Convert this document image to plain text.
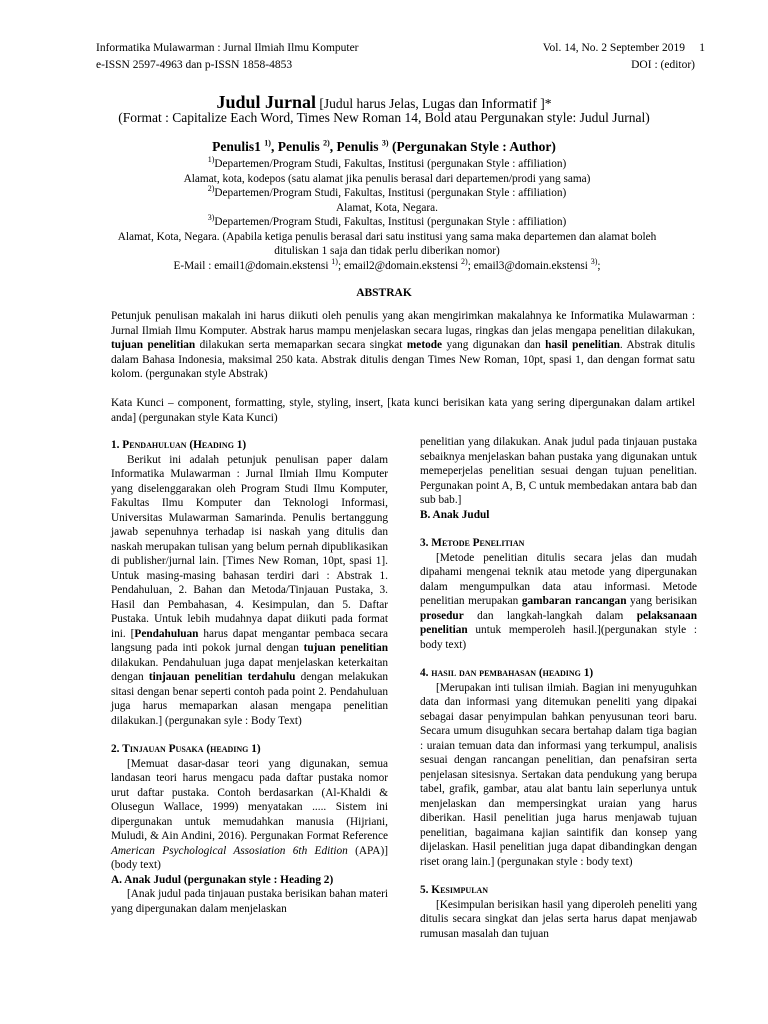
Informatika Mulawarman : Jurnal Ilmiah Ilmu Komputer	Vol. 14, No. 2 September 2019 1
e-ISSN 2597-4963 dan p-ISSN 1858-4853	DOI : (editor)
Judul Jurnal [Judul harus Jelas, Lugas dan Informatif ]*
(Format : Capitalize Each Word, Times New Roman 14, Bold atau Pergunakan style: Judul Jurnal)
Penulis1 $^{1)}$, Penulis $^{2)}$, Penulis $^{3)}$ (Pergunakan Style : Author)
$^{1)}$Departemen/Program Studi, Fakultas, Institusi (pergunakan Style : affiliation)
Alamat, kota, kodepos (satu alamat jika penulis berasal dari departemen/prodi yang sama)
$^{2)}$Departemen/Program Studi, Fakultas, Institusi (pergunakan Style : affiliation)
Alamat, Kota, Negara.
$^{3)}$Departemen/Program Studi, Fakultas, Institusi (pergunakan Style : affiliation)
Alamat, Kota, Negara. (Apabila ketiga penulis berasal dari satu institusi yang sama maka departemen dan alamat boleh dituliskan 1 saja dan tidak perlu diberikan nomor)
E-Mail : email1@domain.ekstensi $^{1)}$; email2@domain.ekstensi $^{2)}$; email3@domain.ekstensi $^{3)}$;
ABSTRAK
Petunjuk penulisan makalah ini harus diikuti oleh penulis yang akan mengirimkan makalahnya ke Informatika Mulawarman : Jurnal Ilmiah Ilmu Komputer. Abstrak harus mampu menjelaskan secara lugas, ringkas dan jelas mengapa penelitian dilakukan, tujuan penelitian dilakukan serta memaparkan secara singkat metode yang digunakan dan hasil penelitian. Abstrak ditulis dalam Bahasa Indonesia, maksimal 250 kata. Abstrak ditulis dengan Times New Roman, 10pt, spasi 1, dan dengan format satu kolom. (pergunakan style Abstrak)
Kata Kunci – component, formatting, style, styling, insert, [kata kunci berisikan kata yang sering dipergunakan dalam artikel anda] (pergunakan style Kata Kunci)

1. Pendahuluan (Heading 1)

Berikut ini adalah petunjuk penulisan paper dalam Informatika Mulawarman : Jurnal Ilmiah Ilmu Komputer yang diselenggarakan oleh Program Studi Ilmu Komputer, Fakultas Ilmu Komputer dan Teknologi Informasi, Universitas Mulawarman Samarinda. Penulis bertanggung jawab sepenuhnya terhadap isi naskah yang ditulis dan naskah merupakan tulisan yang belum pernah dipublikasikan di publisher/jurnal lain. [Times New Roman, 10pt, spasi 1]. Untuk masing-masing bahasan terdiri dari : Abstrak 1. Pendahuluan, 2. Bahan dan Metoda/Tinjauan Pustaka, 3. Hasil dan Pembahasan, 4. Kesimpulan, dan 5. Daftar Pustaka. Untuk lebih mudahnya dapat diikuti pada format ini. [Pendahuluan harus dapat mengantar pembaca secara langsung pada inti pokok jurnal dengan tujuan penelitian dilakukan. Pendahuluan juga dapat menjelaskan keterkaitan dengan tinjauan penelitian terdahulu dengan melakukan sitasi dengan benar seperti contoh pada point 2. Pendahuluan juga harus memaparkan alasan mengapa penelitian dilakukan.] (pergunakan syle : Body Text)

2. Tinjauan Pusaka (heading 1)

[Memuat dasar-dasar teori yang digunakan, semua landasan teori harus mengacu pada daftar pustaka nomor urut daftar pustaka. Contoh berdasarkan (Al-Khaldi & Olusegun Wallace, 1999) menyatakan ..... Sistem ini dipergunakan untuk memudahkan manusia (Hijriani, Muludi, & Ain Andini, 2016). Pergunakan Format Reference American Psychological Assosiation 6th Edition (APA)] (body text)

A. Anak Judul (pergunakan style : Heading 2)

[Anak judul pada tinjauan pustaka berisikan bahan materi yang dipergunakan dalam menjelaskan

penelitian yang dilakukan. Anak judul pada tinjauan pustaka sebaiknya menjelaskan bahan pustaka yang digunakan untuk memeperjelas penelitian sesuai dengan tujuan penelitian. Pergunakan point A, B, C untuk membedakan antara bab dan sub bab.]

B. Anak Judul

3. Metode Penelitian

[Metode penelitian ditulis secara jelas dan mudah dipahami mengenai teknik atau metode yang dipergunakan dalam mengumpulkan data atau informasi. Metode penelitian merupakan gambaran rancangan yang berisikan prosedur dan langkah-langkah dalam pelaksanaan penelitian untuk memperoleh hasil.](pergunakan style : body text)

4. hasil dan pembahasan (heading 1)

[Merupakan inti tulisan ilmiah. Bagian ini menyuguhkan data dan informasi yang ditemukan peneliti yang dipakai sebagai dasar penyimpulan bahkan penyusunan teori baru. Secara umum disuguhkan secara bertahap dalam tiga bagian : uraian temuan data dan informasi yang terkumpul, analisis sesuai dengan rancangan penelitian, dan penafsiran serta penjelasan sitesisnya. Sertakan data pendukung yang berupa tabel, grafik, gambar, atau alat bantu lain seperlunya untuk menjelaskan dan mempersingkat uraian yang harus diberikan. Hasil penelitian juga harus menjawab tujuan penelitian, bagaimana kajian saintifik dan konsep yang dijelaskan. Hasil penelitian juga dapat dibandingkan dengan riset orang lain.] (pergunakan style : body text)

5. Kesimpulan

[Kesimpulan berisikan hasil yang diperoleh peneliti yang ditulis secara singkat dan jelas serta harus dapat menjawab rumusan masalah dan tujuan
